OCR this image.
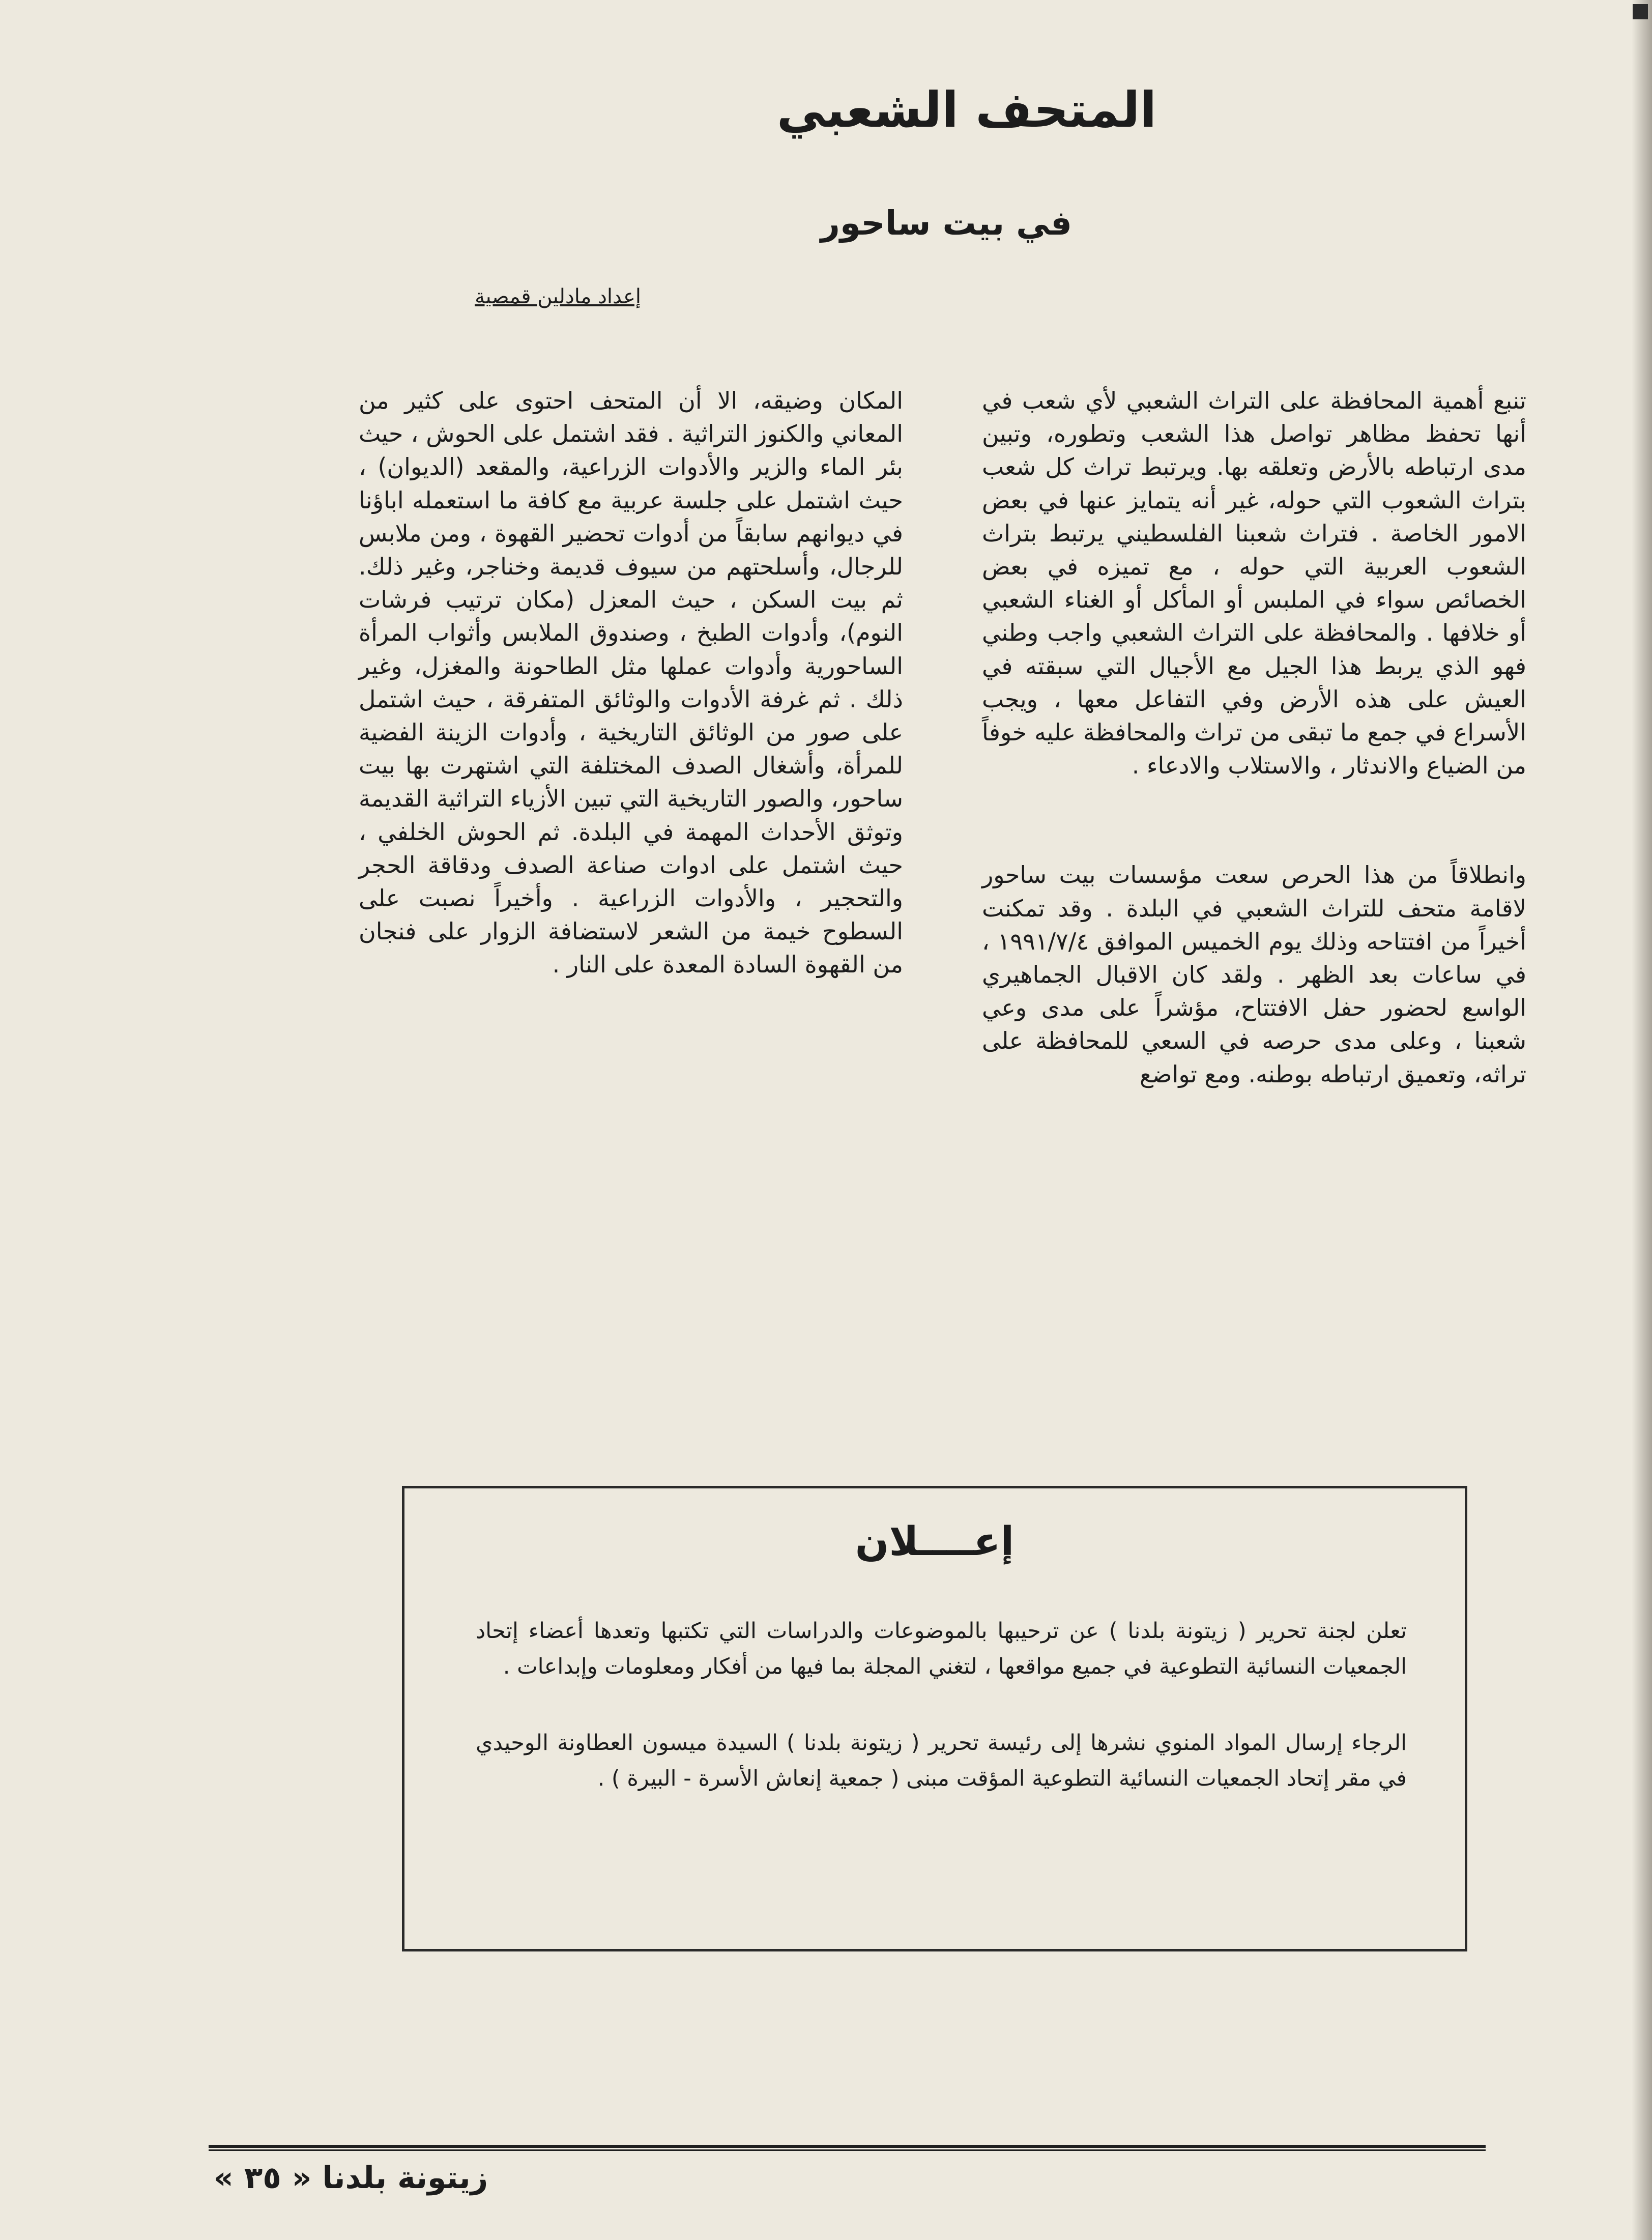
المتحف الشعبي
في بيت ساحور
إعداد مادلين قمصية

تنبع أهمية المحافظة على التراث الشعبي لأي شعب في أنها تحفظ مظاهر تواصل هذا الشعب وتطوره، وتبين مدى ارتباطه بالأرض وتعلقه بها. ويرتبط تراث كل شعب بتراث الشعوب التي حوله، غير أنه يتمايز عنها في بعض الامور الخاصة . فتراث شعبنا الفلسطيني يرتبط بتراث الشعوب العربية التي حوله ، مع تميزه في بعض الخصائص سواء في الملبس أو المأكل أو الغناء الشعبي أو خلافها . والمحافظة على التراث الشعبي واجب وطني فهو الذي يربط هذا الجيل مع الأجيال التي سبقته في العيش على هذه الأرض وفي التفاعل معها ، ويجب الأسراع في جمع ما تبقى من تراث والمحافظة عليه خوفاً من الضياع والاندثار ، والاستلاب والادعاء .

وانطلاقاً من هذا الحرص سعت مؤسسات بيت ساحور لاقامة متحف للتراث الشعبي في البلدة . وقد تمكنت أخيراً من افتتاحه وذلك يوم الخميس الموافق ١٩٩١/٧/٤ ، في ساعات بعد الظهر . ولقد كان الاقبال الجماهيري الواسع لحضور حفل الافتتاح، مؤشراً على مدى وعي شعبنا ، وعلى مدى حرصه في السعي للمحافظة على تراثه، وتعميق ارتباطه بوطنه. ومع تواضع

المكان وضيقه، الا أن المتحف احتوى على كثير من المعاني والكنوز التراثية . فقد اشتمل على الحوش ، حيث بئر الماء والزير والأدوات الزراعية، والمقعد (الديوان) ، حيث اشتمل على جلسة عربية مع كافة ما استعمله اباؤنا في ديوانهم سابقاً من أدوات تحضير القهوة ، ومن ملابس للرجال، وأسلحتهم من سيوف قديمة وخناجر، وغير ذلك. ثم بيت السكن ، حيث المعزل (مكان ترتيب فرشات النوم)، وأدوات الطبخ ، وصندوق الملابس وأثواب المرأة الساحورية وأدوات عملها مثل الطاحونة والمغزل، وغير ذلك . ثم غرفة الأدوات والوثائق المتفرقة ، حيث اشتمل على صور من الوثائق التاريخية ، وأدوات الزينة الفضية للمرأة، وأشغال الصدف المختلفة التي اشتهرت بها بيت ساحور، والصور التاريخية التي تبين الأزياء التراثية القديمة وتوثق الأحداث المهمة في البلدة. ثم الحوش الخلفي ، حيث اشتمل على ادوات صناعة الصدف ودقاقة الحجر والتحجير ، والأدوات الزراعية . وأخيراً نصبت على السطوح خيمة من الشعر لاستضافة الزوار على فنجان من القهوة السادة المعدة على النار .

إعــــلان

تعلن لجنة تحرير ( زيتونة بلدنا ) عن ترحيبها بالموضوعات والدراسات التي تكتبها وتعدها أعضاء إتحاد الجمعيات النسائية التطوعية في جميع مواقعها ، لتغني المجلة بما فيها من أفكار ومعلومات وإبداعات .

الرجاء إرسال المواد المنوي نشرها إلى رئيسة تحرير ( زيتونة بلدنا ) السيدة ميسون العطاونة الوحيدي في مقر إتحاد الجمعيات النسائية التطوعية المؤقت مبنى ( جمعية إنعاش الأسرة - البيرة ) .

زيتونة بلدنا « ٣٥ »
